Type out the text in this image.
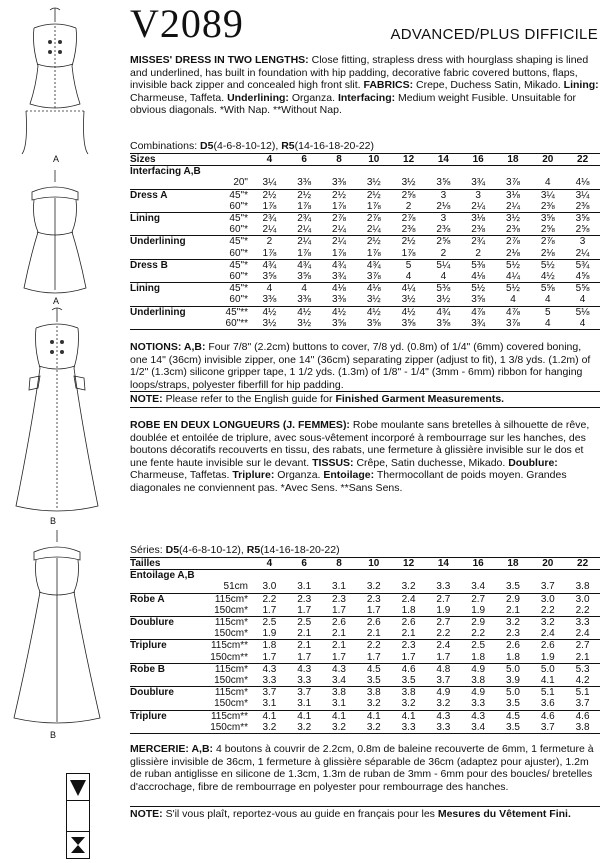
A
A
B
B
V2089	ADVANCED/PLUS DIFFICILE
MISSES' DRESS IN TWO LENGTHS: Close fitting, strapless dress with hourglass shaping is lined and underlined, has built in foundation with hip padding, decorative fabric covered buttons, flaps, invisible back zipper and concealed high front slit. FABRICS: Crepe, Duchess Satin, Mikado. Lining: Charmeuse, Taffeta. Underlining: Organza. Interfacing: Medium weight Fusible. Unsuitable for obvious diagonals. *With Nap. **Without Nap.
Combinations: D5(4-6-8-10-12), R5(14-16-18-20-22)
Sizes		4	6	8	10	12	14	16	18	20	22
Interfacing A,B											
	20"	3¼	3⅜	3⅜	3½	3½	3⅝	3¾	3⅞	4	4⅛
Dress A	45"*	2½	2½	2½	2½	2⅝	3	3	3⅛	3¼	3¼
	60"*	1⅞	1⅞	1⅞	1⅞	2	2⅛	2¼	2¼	2⅜	2⅜
Lining	45"*	2¾	2¾	2⅞	2⅞	2⅞	3	3⅛	3½	3⅝	3⅝
	60"*	2¼	2¼	2¼	2¼	2⅜	2⅜	2⅜	2⅜	2⅝	2⅝
Underlining	45"*	2	2¼	2¼	2½	2½	2⅝	2¾	2⅞	2⅞	3
	60"*	1⅞	1⅞	1⅞	1⅞	1⅞	2	2	2⅛	2⅛	2¼
Dress B	45"*	4¾	4¾	4¾	4¾	5	5¼	5⅜	5½	5½	5¾
	60"*	3⅝	3⅝	3¾	3⅞	4	4	4⅛	4¼	4½	4⅝
Lining	45"*	4	4	4⅛	4⅛	4¼	5⅜	5½	5½	5⅝	5⅝
	60"*	3⅜	3⅜	3⅜	3½	3½	3½	3⅝	4	4	4
Underlining	45"**	4½	4½	4½	4½	4½	4¾	4⅞	4⅞	5	5⅛
	60"**	3½	3½	3⅝	3⅝	3⅝	3⅝	3¾	3⅞	4	4
NOTIONS: A,B: Four 7/8" (2.2cm) buttons to cover, 7/8 yd. (0.8m) of 1/4" (6mm) covered boning, one 14" (36cm) invisible zipper, one 14" (36cm) separating zipper (adjust to fit), 1 3/8 yds. (1.2m) of 1/2" (1.3cm) silicone gripper tape, 1 1/2 yds. (1.3m) of 1/8" - 1/4" (3mm - 6mm) ribbon for hanging loops/straps, polyester fiberfill for hip padding.
NOTE: Please refer to the English guide for Finished Garment Measurements.
ROBE EN DEUX LONGUEURS (J. FEMMES): Robe moulante sans bretelles à silhouette de rêve, doublée et entoilée de triplure, avec sous-vêtement incorporé à rembourrage sur les hanches, des boutons décoratifs recouverts en tissu, des rabats, une fermeture à glissière invisible sur le dos et une fente haute invisible sur le devant. TISSUS: Crêpe, Satin duchesse, Mikado. Doublure: Charmeuse, Taffetas. Triplure: Organza. Entoilage: Thermocollant de poids moyen. Grandes diagonales ne conviennent pas. *Avec Sens. **Sans Sens.
Séries: D5(4-6-8-10-12), R5(14-16-18-20-22)
Tailles		4	6	8	10	12	14	16	18	20	22
Entoilage A,B											
	51cm	3.0	3.1	3.1	3.2	3.2	3.3	3.4	3.5	3.7	3.8
Robe A	115cm*	2.2	2.3	2.3	2.3	2.4	2.7	2.7	2.9	3.0	3.0
	150cm*	1.7	1.7	1.7	1.7	1.8	1.9	1.9	2.1	2.2	2.2
Doublure	115cm*	2.5	2.5	2.6	2.6	2.6	2.7	2.9	3.2	3.2	3.3
	150cm*	1.9	2.1	2.1	2.1	2.1	2.2	2.2	2.3	2.4	2.4
Triplure	115cm**	1.8	2.1	2.1	2.2	2.3	2.4	2.5	2.6	2.6	2.7
	150cm**	1.7	1.7	1.7	1.7	1.7	1.7	1.8	1.8	1.9	2.1
Robe B	115cm*	4.3	4.3	4.3	4.5	4.6	4.8	4.9	5.0	5.0	5.3
	150cm*	3.3	3.3	3.4	3.5	3.5	3.7	3.8	3.9	4.1	4.2
Doublure	115cm*	3.7	3.7	3.8	3.8	3.8	4.9	4.9	5.0	5.1	5.1
	150cm*	3.1	3.1	3.1	3.2	3.2	3.2	3.3	3.5	3.6	3.7
Triplure	115cm**	4.1	4.1	4.1	4.1	4.1	4.3	4.3	4.5	4.6	4.6
	150cm**	3.2	3.2	3.2	3.2	3.3	3.3	3.4	3.5	3.7	3.8
MERCERIE: A,B: 4 boutons à couvrir de 2.2cm, 0.8m de baleine recouverte de 6mm, 1 fermeture à glissière invisible de 36cm, 1 fermeture à glissière séparable de 36cm (adaptez pour ajuster), 1.2m de ruban antiglisse en silicone de 1.3cm, 1.3m de ruban de 3mm - 6mm pour des boucles/ bretelles d'accrochage, fibre de rembourrage en polyester pour rembourrage des hanches.
NOTE: S'il vous plaît, reportez-vous au guide en français pour les Mesures du Vêtement Fini.
